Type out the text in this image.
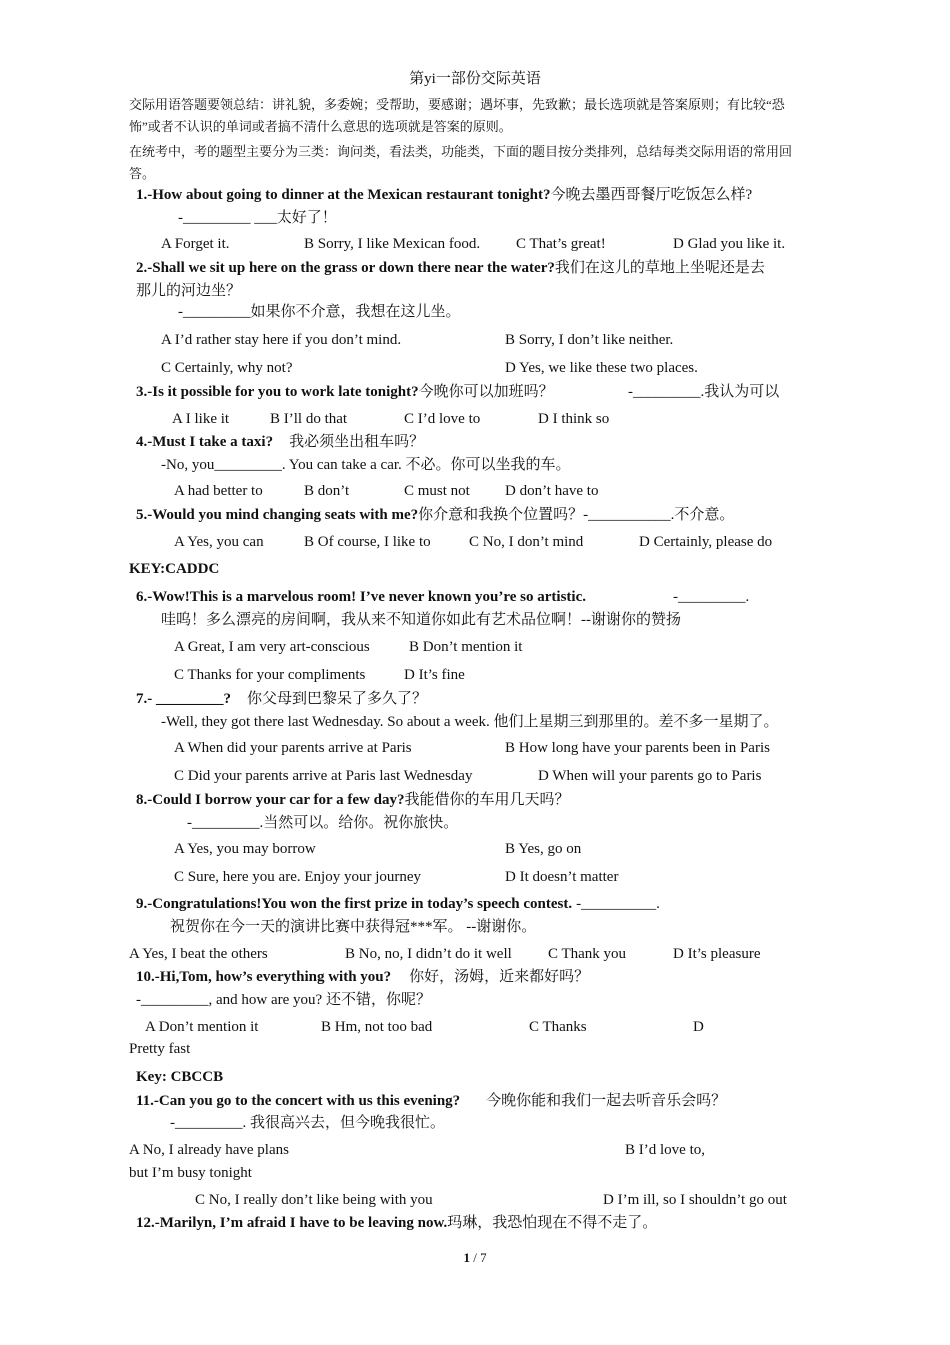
第yi一部份交际英语
交际用语答题要领总结：讲礼貌，多委婉；受帮助，要感谢；遇坏事，先致歉；最长选项就是答案原则；有比较“恐
怖”或者不认识的单词或者搞不清什么意思的选项就是答案的原则。
在统考中，考的题型主要分为三类：询问类，看法类，功能类，下面的题目按分类排列，总结每类交际用语的常用回
答。
1.-How about going to dinner at the Mexican restaurant tonight?今晚去墨西哥餐厅吃饭怎么样?
-_________ ___太好了！
A Forget it.	B Sorry, I like Mexican food. C That’s great!	D Glad you like it.
2.-Shall we sit up here on the grass or down there near the water?我们在这儿的草地上坐呢还是去
那儿的河边坐？
-_________如果你不介意，我想在这儿坐。
A I’d rather stay here if you don’t mind.	B Sorry, I don’t like neither.
C Certainly, why not?	D Yes, we like these two places.
3.-Is it possible for you to work late tonight?今晚你可以加班吗？	-_________.我认为可以
A I like it	B I’ll do that	C I’d love to	D I think so
4.-Must I take a taxi? 我必须坐出租车吗？
-No, you_________. You can take a car. 不必。你可以坐我的车。
A had better to	B don’t	C must not D don’t have to
5.-Would you mind changing seats with me?你介意和我换个位置吗？-___________.不介意。
A Yes, you can	B Of course, I like to	C No, I don’t mind	D Certainly, please do
KEY:CADDC
6.-Wow!This is a marvelous room! I’ve never known you’re so artistic.	-_________.
哇呜！多么漂亮的房间啊，我从来不知道你如此有艺术品位啊！--谢谢你的赞扬
A Great, I am very art-conscious	B Don’t mention it
C Thanks for your compliments	D It’s fine
7.- _________? 你父母到巴黎呆了多久了？
-Well, they got there last Wednesday. So about a week. 他们上星期三到那里的。差不多一星期了。
A When did your parents arrive at Paris	B How long have your parents been in Paris
C Did your parents arrive at Paris last Wednesday	D When will your parents go to Paris
8.-Could I borrow your car for a few day?我能借你的车用几天吗？
-_________.当然可以。给你。祝你旅快。
A Yes, you may borrow	B Yes, go on
C Sure, here you are. Enjoy your journey	D It doesn’t matter
9.-Congratulations!You won the first prize in today’s speech contest. -__________.
祝贺你在今一天的演讲比赛中获得冠***军。 --谢谢你。
A Yes, I beat the others	B No, no, I didn’t do it well C Thank you	D It’s pleasure
10.-Hi,Tom, how’s everything with you? 你好，汤姆，近来都好吗？
-_________, and how are you? 还不错，你呢？
A Don’t mention it	B Hm, not too bad	C Thanks	D
Pretty fast
Key: CBCCB
11.-Can you go to the concert with us this evening? 今晚你能和我们一起去听音乐会吗？
-_________. 我很高兴去，但今晚我很忙。
A No, I already have plans	B I’d love to,
but I’m busy tonight
C No, I really don’t like being with you	D I’m ill, so I shouldn’t go out
12.-Marilyn, I’m afraid I have to be leaving now.玛琳，我恐怕现在不得不走了。
1 / 7
